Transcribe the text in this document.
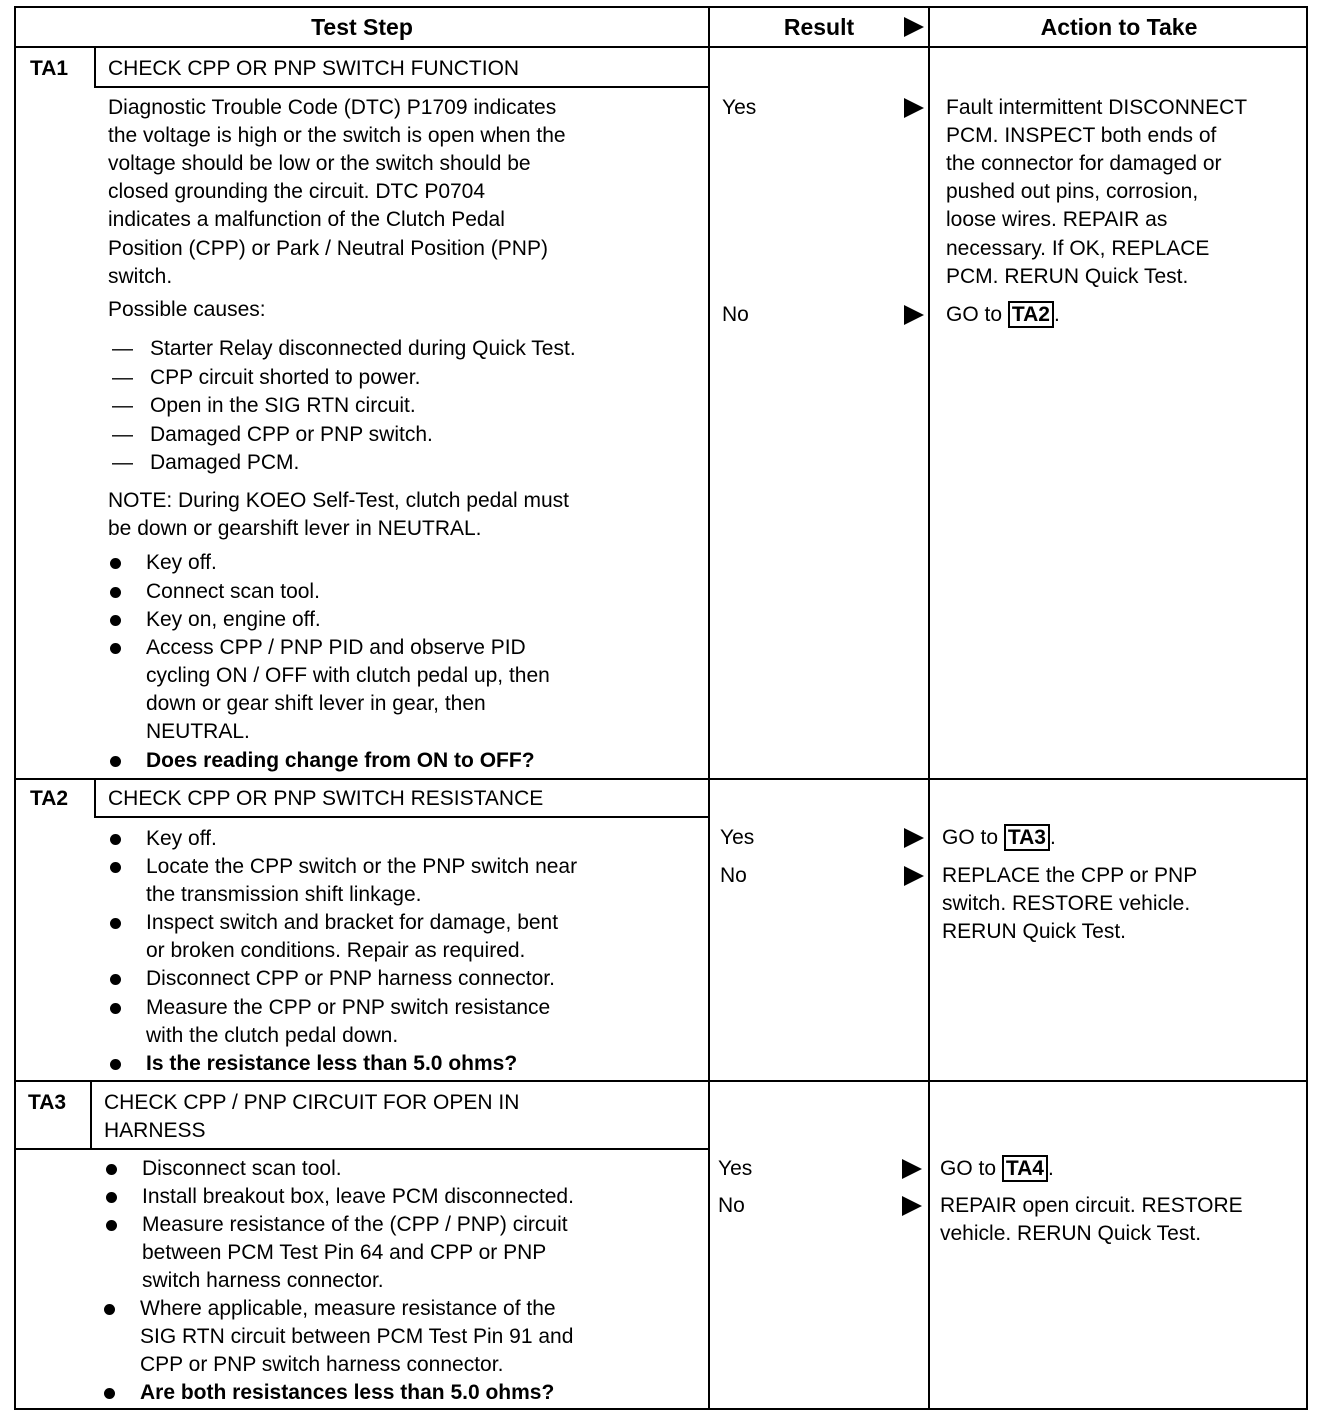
Test Step	Result	Action to Take
TA1 CHECK CPP OR PNP SWITCH FUNCTION
Diagnostic Trouble Code (DTC) P1709 indicates
the voltage is high or the switch is open when the
voltage should be low or the switch should be
closed grounding the circuit. DTC P0704
indicates a malfunction of the Clutch Pedal
Position (CPP) or Park / Neutral Position (PNP)
switch.
Possible causes:
— Starter Relay disconnected during Quick Test.
— CPP circuit shorted to power.
— Open in the SIG RTN circuit.
— Damaged CPP or PNP switch.
— Damaged PCM.
NOTE: During KOEO Self-Test, clutch pedal must
be down or gearshift lever in NEUTRAL.
Key off.
Connect scan tool.
Key on, engine off.
Access CPP / PNP PID and observe PID
cycling ON / OFF with clutch pedal up, then
down or gear shift lever in gear, then
NEUTRAL.
Does reading change from ON to OFF?
Yes
No
Fault intermittent DISCONNECT
PCM. INSPECT both ends of
the connector for damaged or
pushed out pins, corrosion,
loose wires. REPAIR as
necessary. If OK, REPLACE
PCM. RERUN Quick Test.
GO to TA2 .
TA2 CHECK CPP OR PNP SWITCH RESISTANCE
Key off.
Locate the CPP switch or the PNP switch near
the transmission shift linkage.
Inspect switch and bracket for damage, bent
or broken conditions. Repair as required.
Disconnect CPP or PNP harness connector.
Measure the CPP or PNP switch resistance
with the clutch pedal down.
Is the resistance less than 5.0 ohms?
Yes
No
GO to TA3 .
REPLACE the CPP or PNP
switch. RESTORE vehicle.
RERUN Quick Test.
TA3 CHECK CPP / PNP CIRCUIT FOR OPEN IN
HARNESS
Disconnect scan tool.
Install breakout box, leave PCM disconnected.
Measure resistance of the (CPP / PNP) circuit
between PCM Test Pin 64 and CPP or PNP
switch harness connector.
Where applicable, measure resistance of the
SIG RTN circuit between PCM Test Pin 91 and
CPP or PNP switch harness connector.
Are both resistances less than 5.0 ohms?
Yes
No
GO to TA4 .
REPAIR open circuit. RESTORE
vehicle. RERUN Quick Test.
